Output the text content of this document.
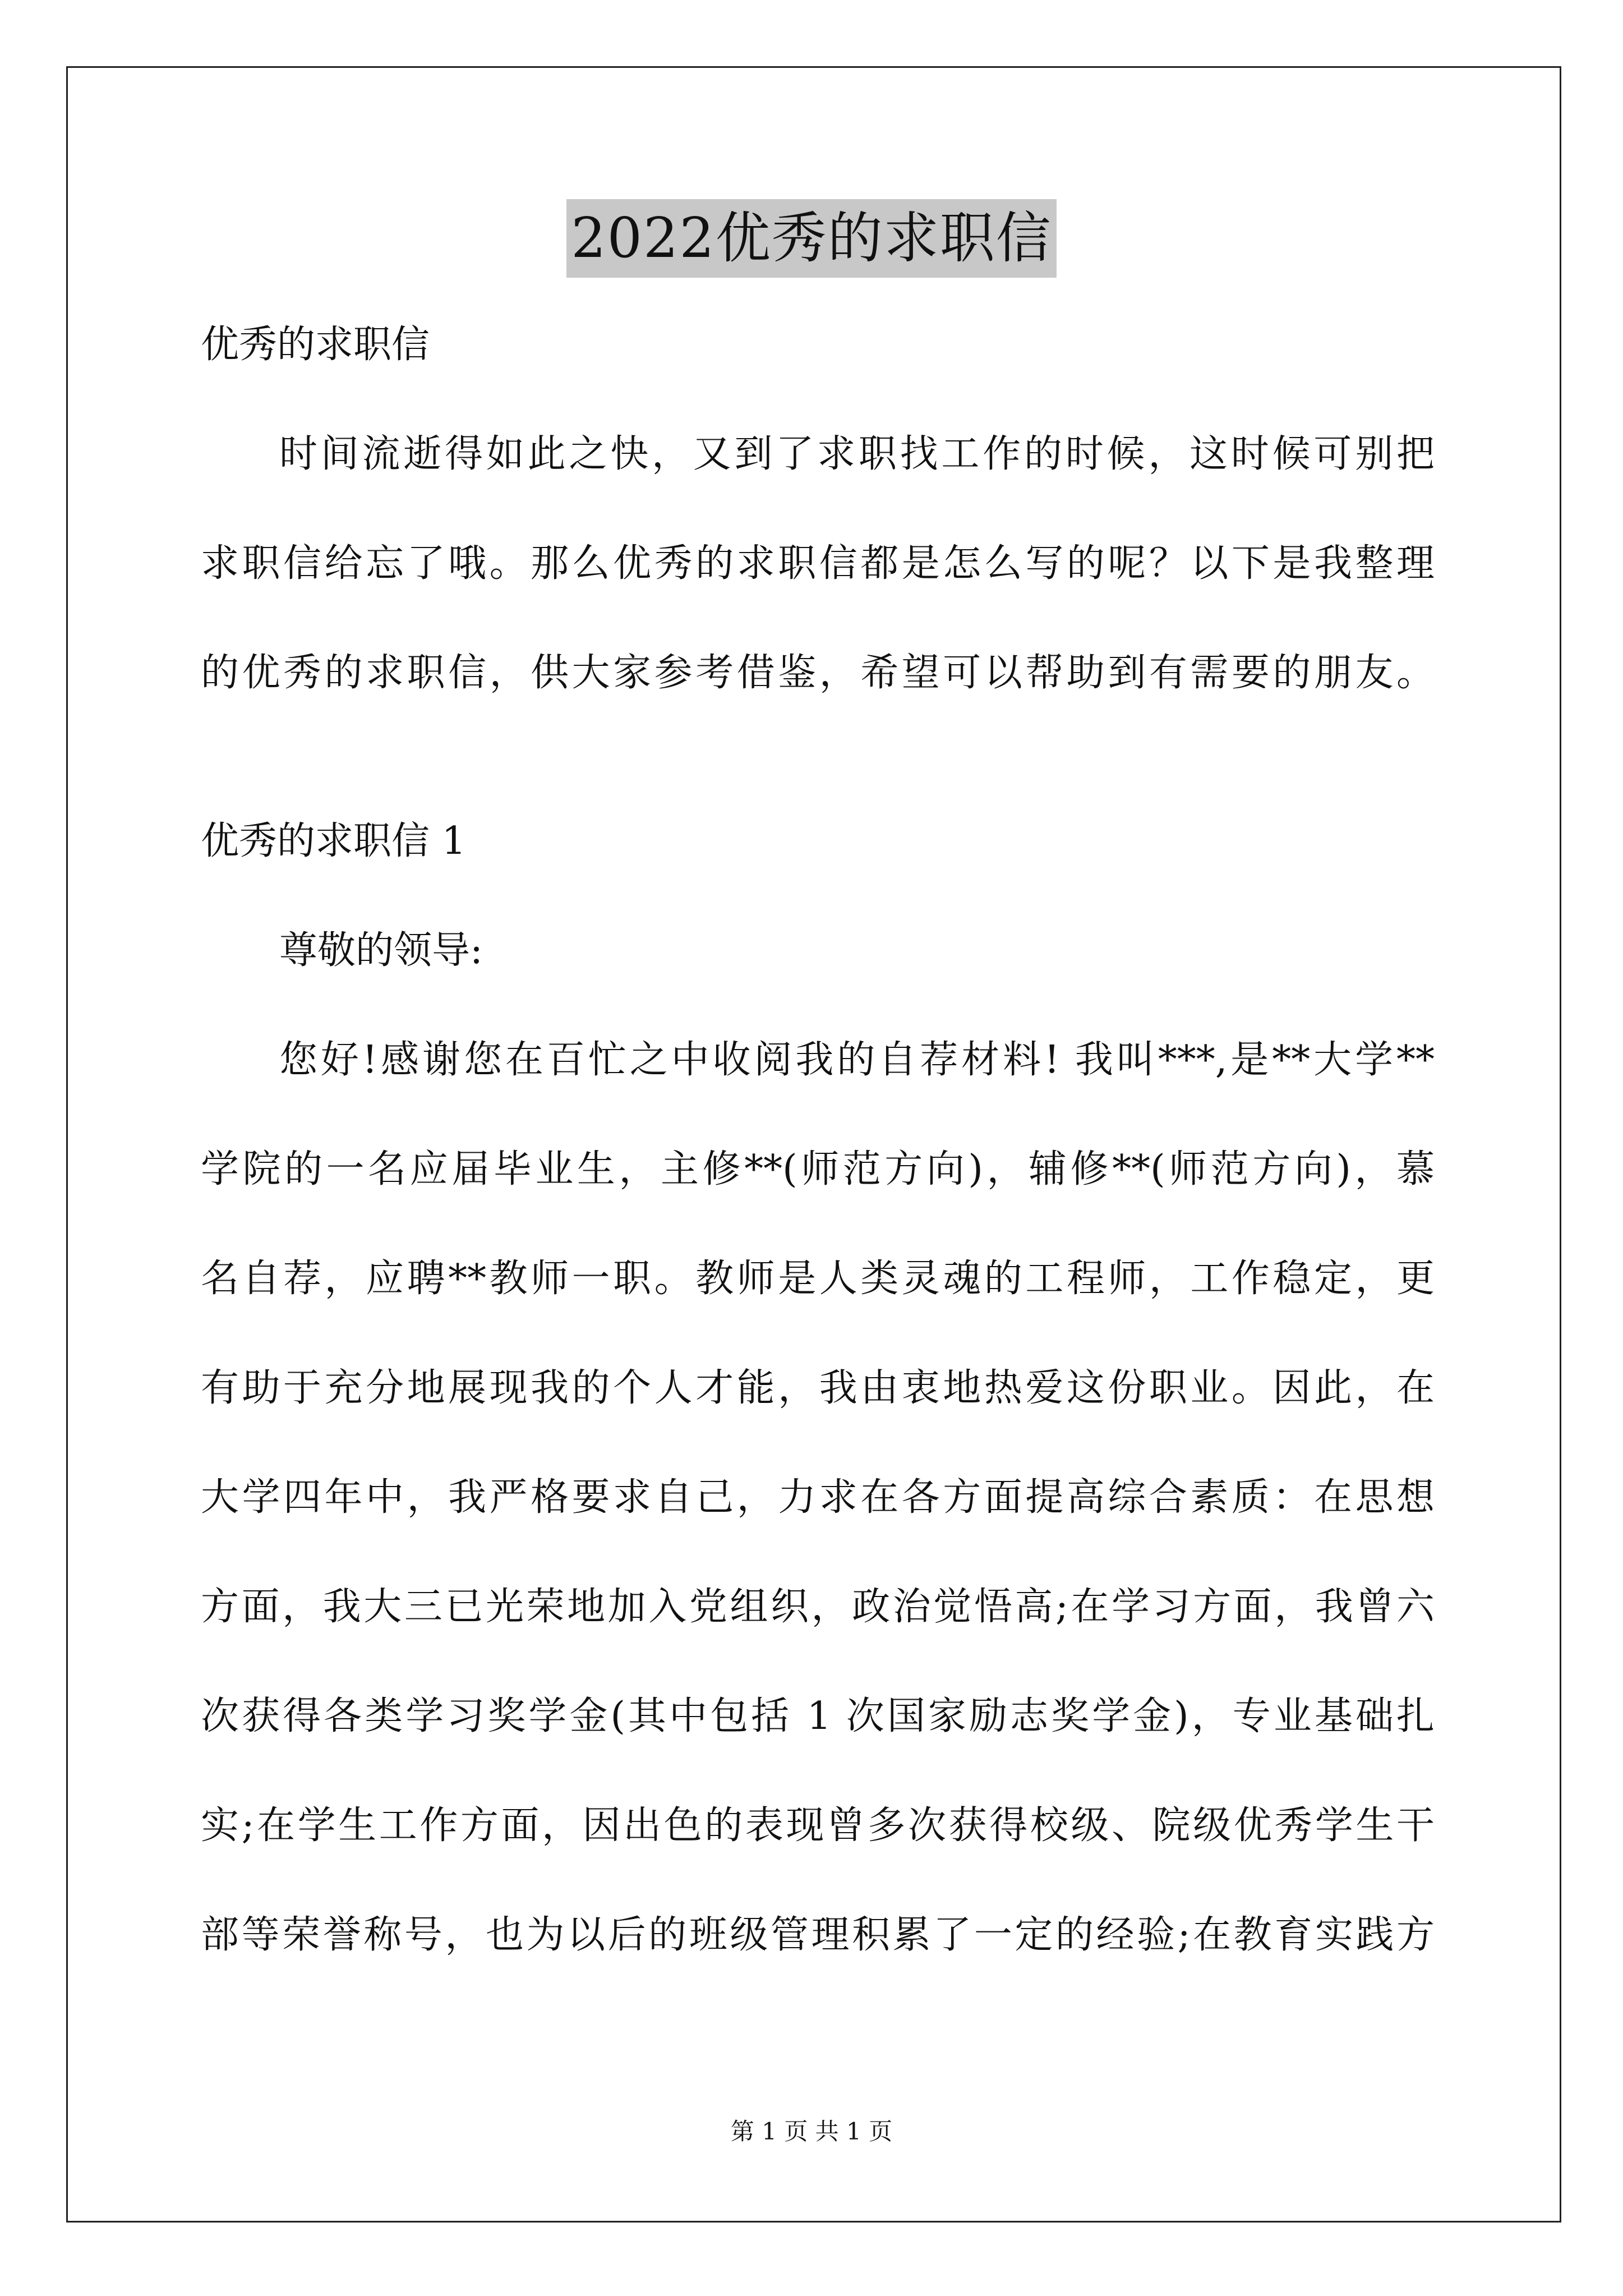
2022优秀的求职信
优秀的求职信
时间流逝得如此之快，又到了求职找工作的时候，这时候可别把
求职信给忘了哦。那么优秀的求职信都是怎么写的呢？以下是我整理
的优秀的求职信，供大家参考借鉴，希望可以帮助到有需要的朋友。
优秀的求职信 1
尊敬的领导:
您好!感谢您在百忙之中收阅我的自荐材料! 我叫***,是**大学**
学院的一名应届毕业生，主修**(师范方向)，辅修**(师范方向)，慕
名自荐，应聘**教师一职。教师是人类灵魂的工程师，工作稳定，更
有助于充分地展现我的个人才能，我由衷地热爱这份职业。因此，在
大学四年中，我严格要求自己，力求在各方面提高综合素质：在思想
方面，我大三已光荣地加入党组织，政治觉悟高;在学习方面，我曾六
次获得各类学习奖学金(其中包括 1 次国家励志奖学金)，专业基础扎
实;在学生工作方面，因出色的表现曾多次获得校级、院级优秀学生干
部等荣誉称号，也为以后的班级管理积累了一定的经验;在教育实践方
第 1 页 共 1 页
